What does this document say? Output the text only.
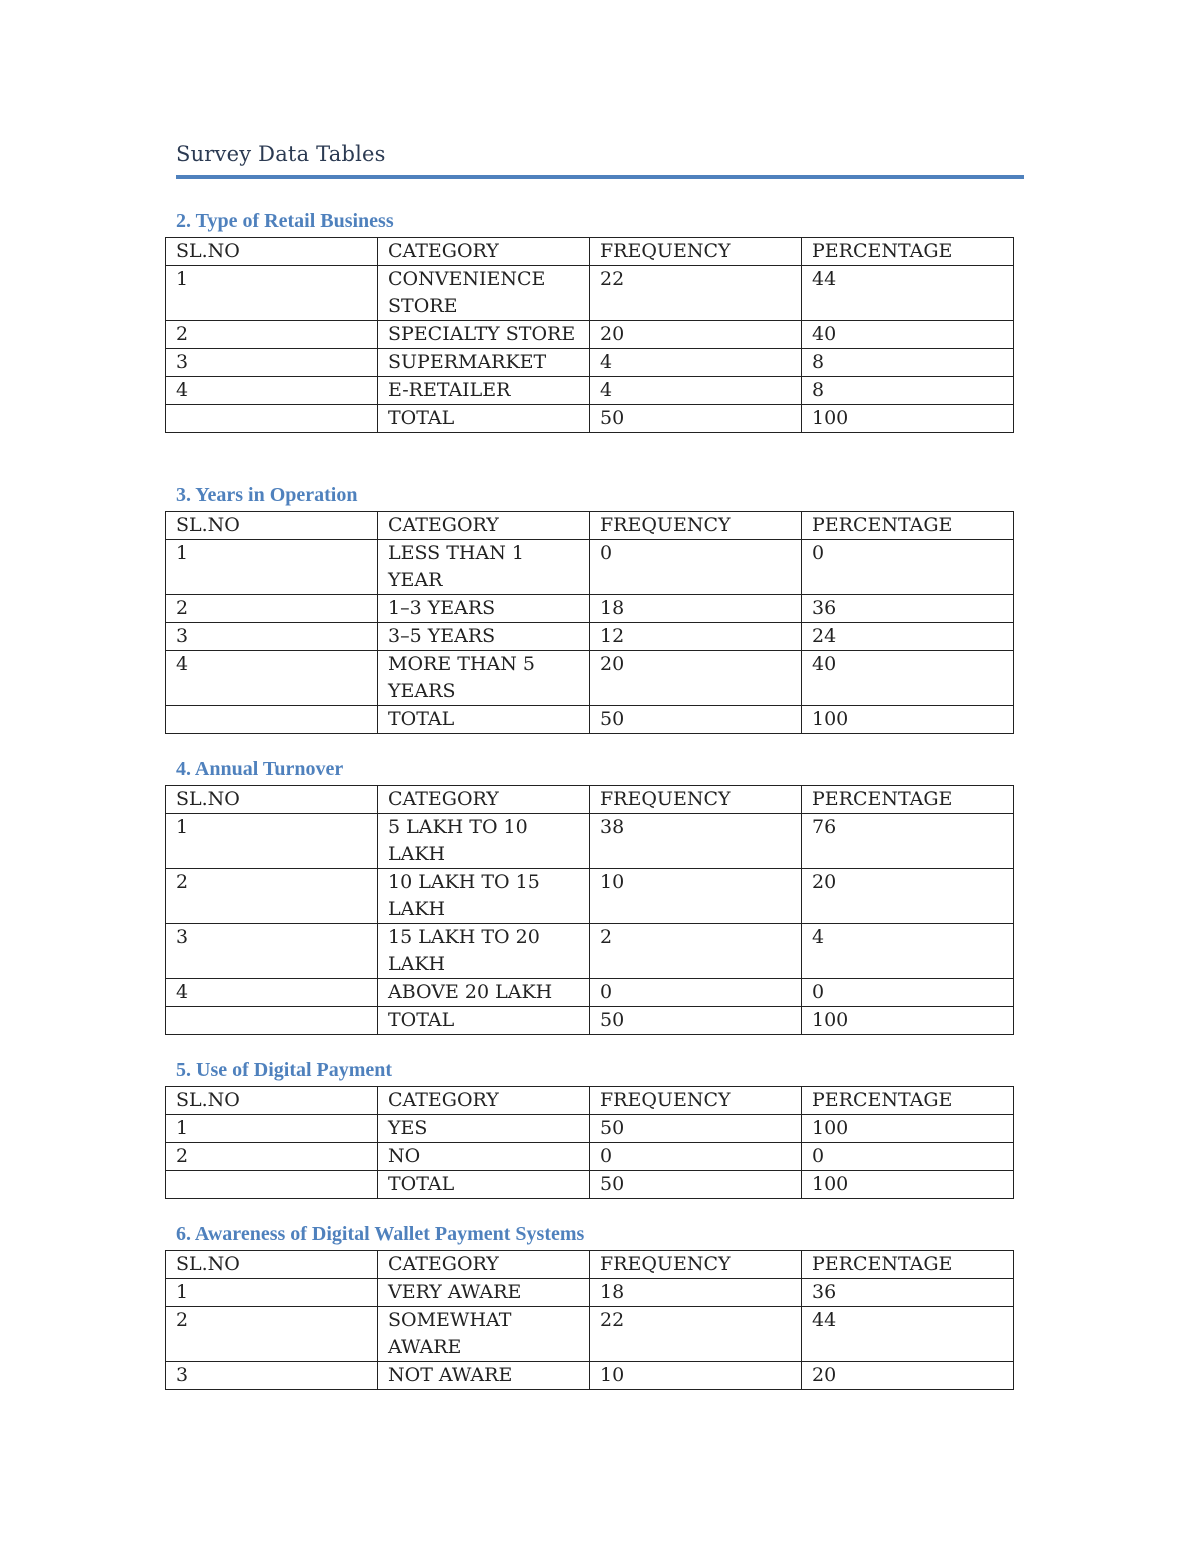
Survey Data Tables
2. Type of Retail Business
SL.NO	CATEGORY	FREQUENCY	PERCENTAGE
1	CONVENIENCE STORE	22	44
2	SPECIALTY STORE	20	40
3	SUPERMARKET	4	8
4	E-RETAILER	4	8
	TOTAL	50	100
3. Years in Operation
SL.NO	CATEGORY	FREQUENCY	PERCENTAGE
1	LESS THAN 1 YEAR	0	0
2	1–3 YEARS	18	36
3	3–5 YEARS	12	24
4	MORE THAN 5 YEARS	20	40
	TOTAL	50	100
4. Annual Turnover
SL.NO	CATEGORY	FREQUENCY	PERCENTAGE
1	5 LAKH TO 10 LAKH	38	76
2	10 LAKH TO 15 LAKH	10	20
3	15 LAKH TO 20 LAKH	2	4
4	ABOVE 20 LAKH	0	0
	TOTAL	50	100
5. Use of Digital Payment
SL.NO	CATEGORY	FREQUENCY	PERCENTAGE
1	YES	50	100
2	NO	0	0
	TOTAL	50	100
6. Awareness of Digital Wallet Payment Systems
SL.NO	CATEGORY	FREQUENCY	PERCENTAGE
1	VERY AWARE	18	36
2	SOMEWHAT AWARE	22	44
3	NOT AWARE	10	20
